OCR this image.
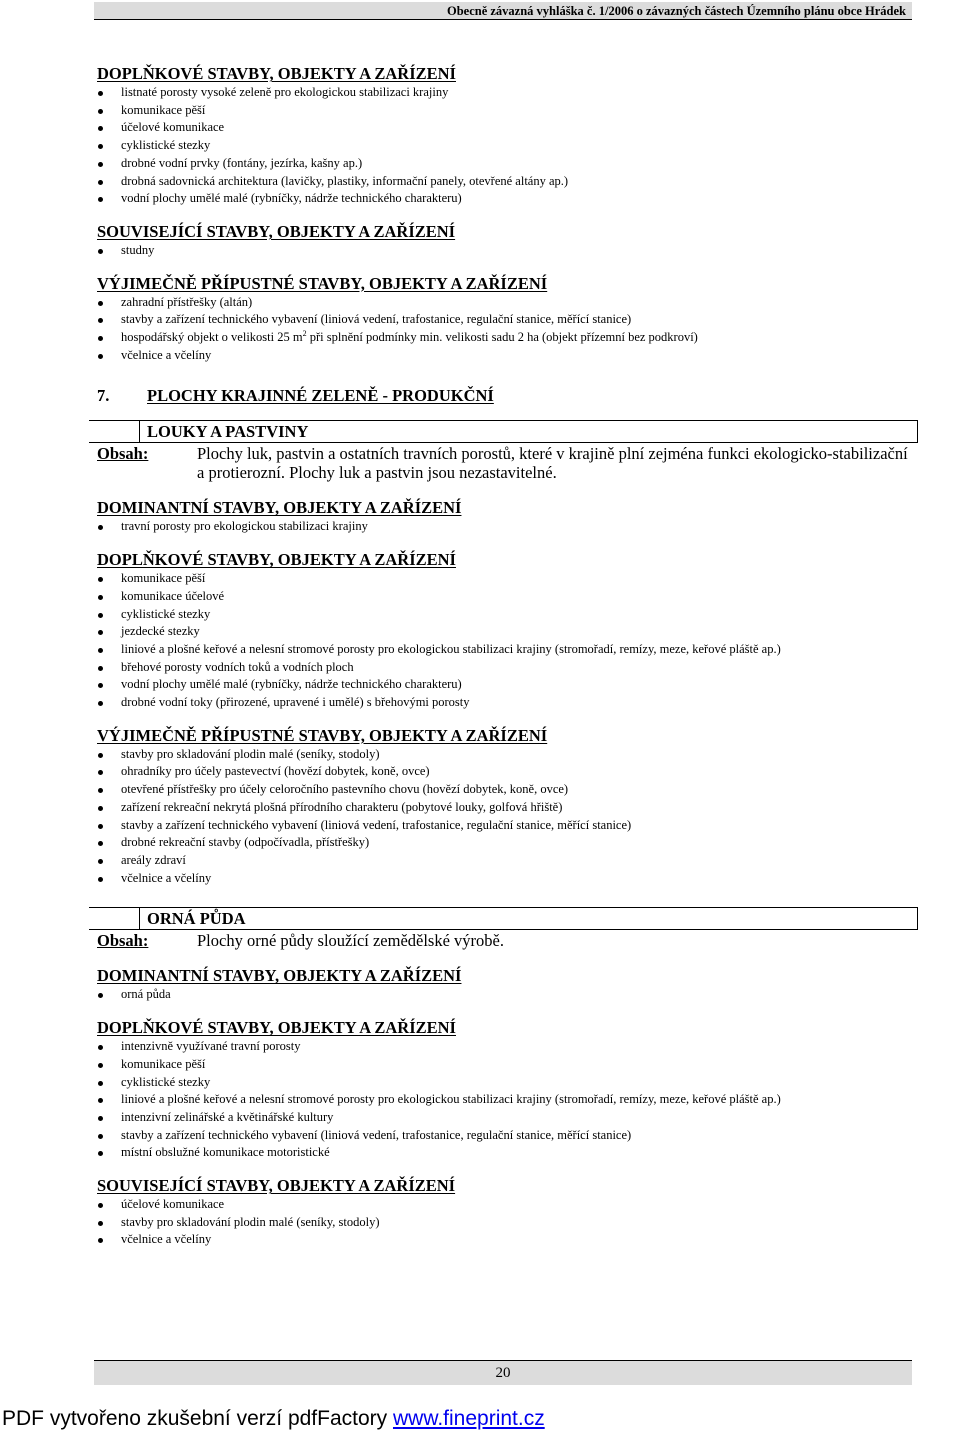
Obecně závazná vyhláška č. 1/2006 o závazných částech Územního plánu obce Hrádek
DOPLŇKOVÉ STAVBY, OBJEKTY A ZAŘÍZENÍ
listnaté porosty vysoké zeleně pro ekologickou stabilizaci krajiny
komunikace pěší
účelové komunikace
cyklistické stezky
drobné vodní prvky (fontány, jezírka, kašny ap.)
drobná sadovnická architektura (lavičky, plastiky, informační panely, otevřené altány ap.)
vodní plochy umělé malé (rybníčky, nádrže technického charakteru)
SOUVISEJÍCÍ STAVBY, OBJEKTY A ZAŘÍZENÍ
studny
VÝJIMEČNĚ PŘÍPUSTNÉ STAVBY, OBJEKTY A ZAŘÍZENÍ
zahradní přístřešky (altán)
stavby a zařízení technického vybavení (liniová vedení, trafostanice, regulační stanice, měřící stanice)
hospodářský objekt o velikosti 25 $m^2$ při splnění podmínky min. velikosti sadu 2 ha (objekt přízemní bez podkroví)
včelnice a včelíny
7. PLOCHY KRAJINNÉ ZELENĚ - PRODUKČNÍ
LOUKY A PASTVINY
Obsah:	Plochy luk, pastvin a ostatních travních porostů, které v krajině plní zejména funkci ekologicko-stabilizační a protierozní. Plochy luk a pastvin jsou nezastavitelné.
DOMINANTNÍ STAVBY, OBJEKTY A ZAŘÍZENÍ
travní porosty pro ekologickou stabilizaci krajiny
DOPLŇKOVÉ STAVBY, OBJEKTY A ZAŘÍZENÍ
komunikace pěší
komunikace účelové
cyklistické stezky
jezdecké stezky
liniové a plošné keřové a nelesní stromové porosty pro ekologickou stabilizaci krajiny (stromořadí, remízy, meze, keřové pláště ap.)
břehové porosty vodních toků a vodních ploch
vodní plochy umělé malé (rybníčky, nádrže technického charakteru)
drobné vodní toky (přirozené, upravené i umělé) s břehovými porosty
VÝJIMEČNĚ PŘÍPUSTNÉ STAVBY, OBJEKTY A ZAŘÍZENÍ
stavby pro skladování plodin malé (seníky, stodoly)
ohradníky pro účely pastevectví (hovězí dobytek, koně, ovce)
otevřené přístřešky pro účely celoročního pastevního chovu (hovězí dobytek, koně, ovce)
zařízení rekreační nekrytá plošná přírodního charakteru (pobytové louky, golfová hřiště)
stavby a zařízení technického vybavení (liniová vedení, trafostanice, regulační stanice, měřící stanice)
drobné rekreační stavby (odpočívadla, přístřešky)
areály zdraví
včelnice a včelíny
ORNÁ PŮDA
Obsah:	Plochy orné půdy sloužící zemědělské výrobě.
DOMINANTNÍ STAVBY, OBJEKTY A ZAŘÍZENÍ
orná půda
DOPLŇKOVÉ STAVBY, OBJEKTY A ZAŘÍZENÍ
intenzivně využívané travní porosty
komunikace pěší
cyklistické stezky
liniové a plošné keřové a nelesní stromové porosty pro ekologickou stabilizaci krajiny (stromořadí, remízy, meze, keřové pláště ap.)
intenzivní zelinářské a květinářské kultury
stavby a zařízení technického vybavení (liniová vedení, trafostanice, regulační stanice, měřící stanice)
místní obslužné komunikace motoristické
SOUVISEJÍCÍ STAVBY, OBJEKTY A ZAŘÍZENÍ
účelové komunikace
stavby pro skladování plodin malé (seníky, stodoly)
včelnice a včelíny
20
PDF vytvořeno zkušební verzí pdfFactory www.fineprint.cz
